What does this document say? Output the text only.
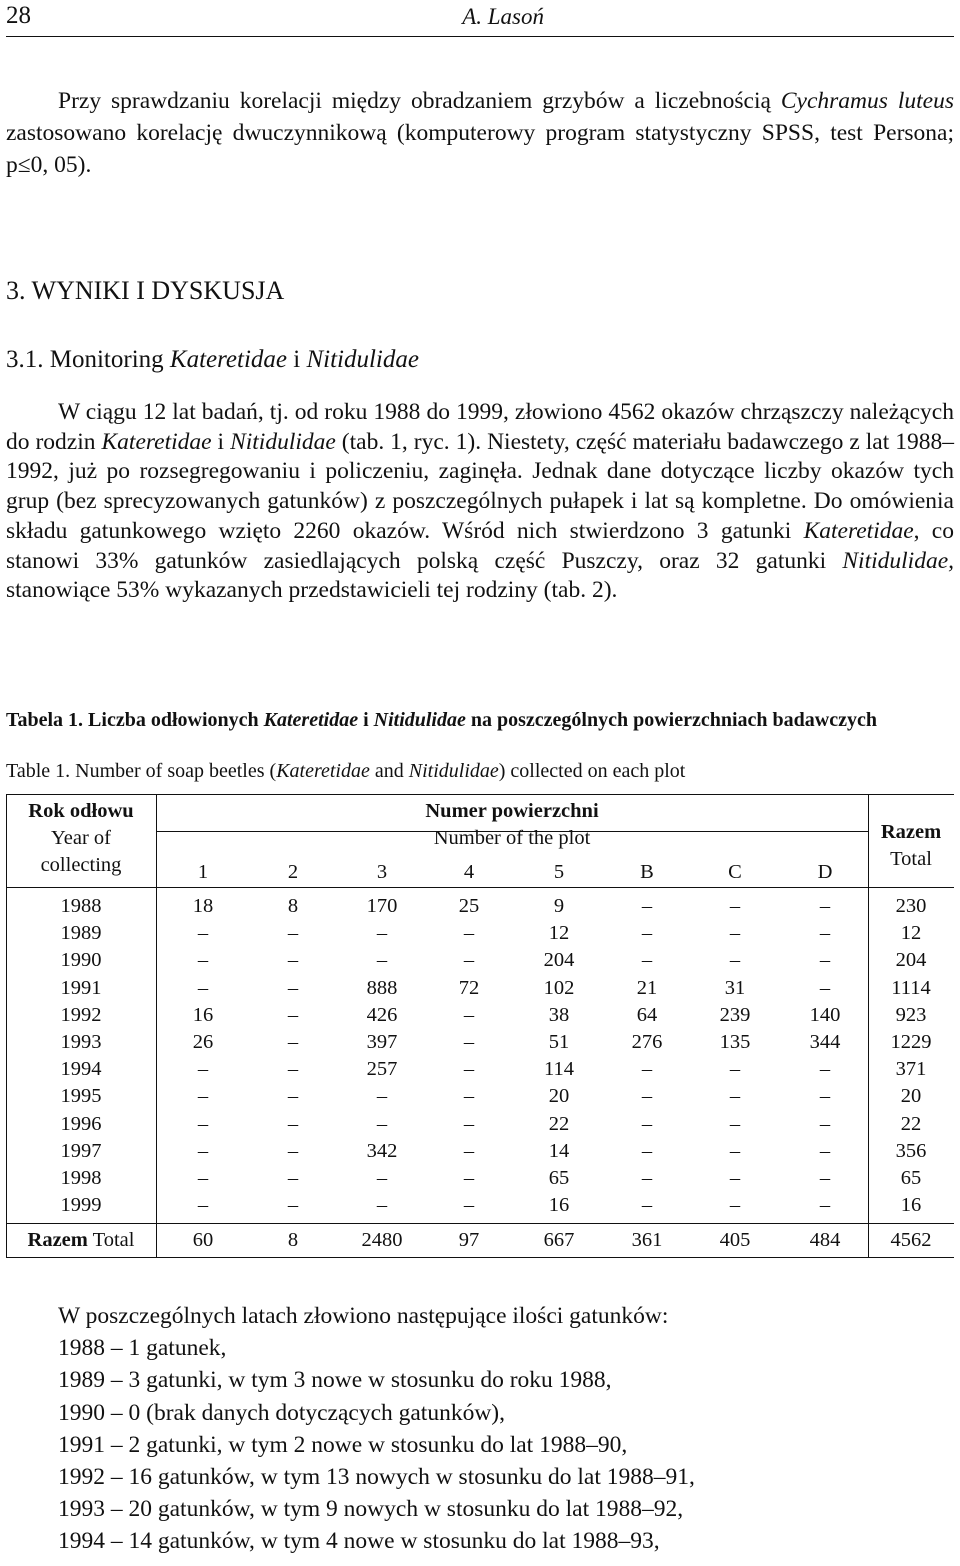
28	A. Lasoń
Przy sprawdzaniu korelacji między obradzaniem grzybów a liczebnością Cychramus luteus zastosowano korelację dwuczynnikową (komputerowy program statystyczny SPSS, test Persona; p≤0, 05).
3. WYNIKI I DYSKUSJA
3.1. Monitoring Kateretidae i Nitidulidae
W ciągu 12 lat badań, tj. od roku 1988 do 1999, złowiono 4562 okazów chrząszczy należących do rodzin Kateretidae i Nitidulidae (tab. 1, ryc. 1). Niestety, część materiału badawczego z lat 1988–1992, już po rozsegregowaniu i policzeniu, zaginęła. Jednak dane dotyczące liczby okazów tych grup (bez sprecyzowanych gatunków) z poszczególnych pułapek i lat są kompletne. Do omówienia składu gatunkowego wzięto 2260 okazów. Wśród nich stwierdzono 3 gatunki Kateretidae, co stanowi 33% gatunków zasiedlających polską część Puszczy, oraz 32 gatunki Nitidulidae, stanowiące 53% wykazanych przedstawicieli tej rodziny (tab. 2).
Tabela 1. Liczba odłowionych Kateretidae i Nitidulidae na poszczególnych powierzchniach badawczych
Table 1. Number of soap beetles (Kateretidae and Nitidulidae) collected on each plot
Rok odłowu
Year of
collecting
Numer powierzchni
Number of the plot	Razem
Total
1	2	3	4	5	B	C	D
1988	18	8	170	25	9	–	–	–	230
1989	–	–	–	–	12	–	–	–	12
1990	–	–	–	–	204	–	–	–	204
1991	–	–	888	72	102	21	31	–	1114
1992	16	–	426	–	38	64	239	140	923
1993	26	–	397	–	51	276	135	344	1229
1994	–	–	257	–	114	–	–	–	371
1995	–	–	–	–	20	–	–	–	20
1996	–	–	–	–	22	–	–	–	22
1997	–	–	342	–	14	–	–	–	356
1998	–	–	–	–	65	–	–	–	65
1999	–	–	–	–	16	–	–	–	16
Razem Total	60	8	2480	97	667	361	405	484	4562
W poszczególnych latach złowiono następujące ilości gatunków:
1988 – 1 gatunek,
1989 – 3 gatunki, w tym 3 nowe w stosunku do roku 1988,
1990 – 0 (brak danych dotyczących gatunków),
1991 – 2 gatunki, w tym 2 nowe w stosunku do lat 1988–90,
1992 – 16 gatunków, w tym 13 nowych w stosunku do lat 1988–91,
1993 – 20 gatunków, w tym 9 nowych w stosunku do lat 1988–92,
1994 – 14 gatunków, w tym 4 nowe w stosunku do lat 1988–93,
